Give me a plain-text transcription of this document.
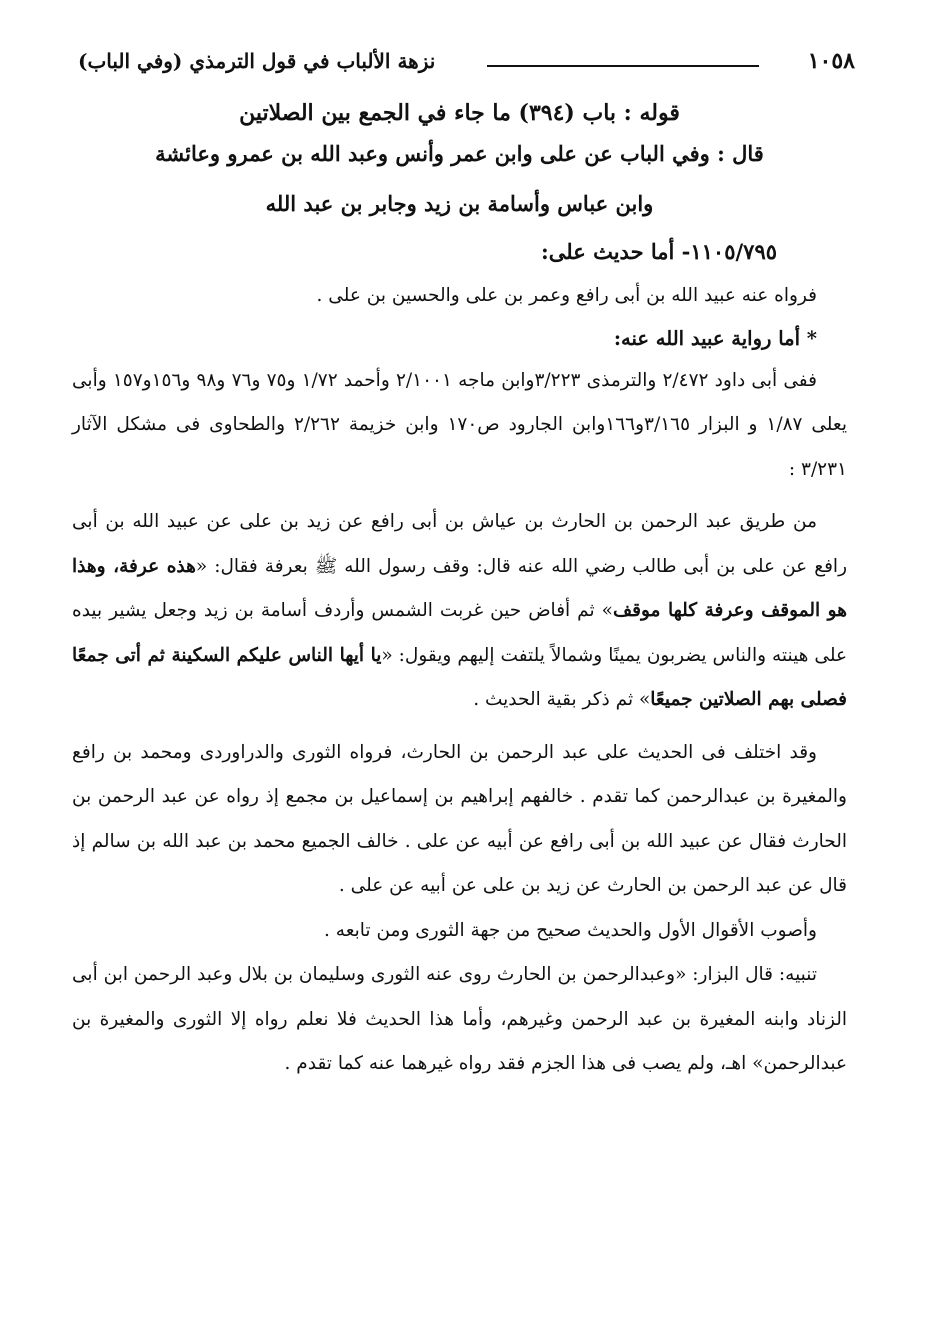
١٠٥٨
نزهة الألباب في قول الترمذي (وفي الباب)
قوله : باب (٣٩٤) ما جاء في الجمع بين الصلاتين
قال : وفي الباب عن على وابن عمر وأنس وعبد الله بن عمرو وعائشة
وابن عباس وأسامة بن زيد وجابر بن عبد الله
١١٠٥/٧٩٥- أما حديث على:

فرواه عنه عبيد الله بن أبى رافع وعمر بن على والحسين بن على .

* أما رواية عبيد الله عنه:

ففى أبى داود ٢/٤٧٢ والترمذى ٣/٢٢٣وابن ماجه ٢/١٠٠١ وأحمد ١/٧٢ و٧٥ و٧٦ و٩٨ و١٥٦و١٥٧ وأبى يعلى ١/٨٧ و البزار ٣/١٦٥و١٦٦وابن الجارود ص١٧٠ وابن خزيمة ٢/٢٦٢ والطحاوى فى مشكل الآثار ٣/٢٣١ :

من طريق عبد الرحمن بن الحارث بن عياش بن أبى رافع عن زيد بن على عن عبيد الله بن أبى رافع عن على بن أبى طالب رضي الله عنه قال: وقف رسول الله ﷺ بعرفة فقال: «هذه عرفة، وهذا هو الموقف وعرفة كلها موقف» ثم أفاض حين غربت الشمس وأردف أسامة بن زيد وجعل يشير بيده على هينته والناس يضربون يمينًا وشمالاً يلتفت إليهم ويقول: «يا أيها الناس عليكم السكينة ثم أتى جمعًا فصلى بهم الصلاتين جميعًا» ثم ذكر بقية الحديث .

وقد اختلف فى الحديث على عبد الرحمن بن الحارث، فرواه الثورى والدراوردى ومحمد بن رافع والمغيرة بن عبدالرحمن كما تقدم . خالفهم إبراهيم بن إسماعيل بن مجمع إذ رواه عن عبد الرحمن بن الحارث فقال عن عبيد الله بن أبى رافع عن أبيه عن على . خالف الجميع محمد بن عبد الله بن سالم إذ قال عن عبد الرحمن بن الحارث عن زيد بن على عن أبيه عن على .

وأصوب الأقوال الأول والحديث صحيح من جهة الثورى ومن تابعه .

تنبيه: قال البزار: «وعبدالرحمن بن الحارث روى عنه الثورى وسليمان بن بلال وعبد الرحمن ابن أبى الزناد وابنه المغيرة بن عبد الرحمن وغيرهم، وأما هذا الحديث فلا نعلم رواه إلا الثورى والمغيرة بن عبدالرحمن» اهـ، ولم يصب فى هذا الجزم فقد رواه غيرهما عنه كما تقدم .
